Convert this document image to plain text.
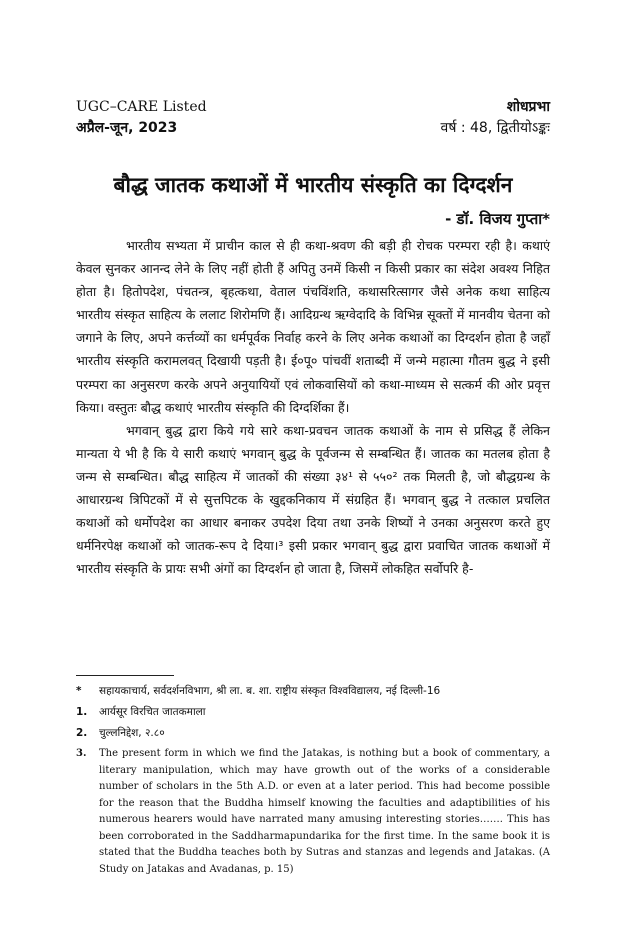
UGC–CARE Listed
अप्रैल-जून, 2023
शोधप्रभा
वर्ष : 48, द्वितीयोऽङ्कः
बौद्ध जातक कथाओं में भारतीय संस्कृति का दिग्दर्शन
- डॉ. विजय गुप्ता*

भारतीय सभ्यता में प्राचीन काल से ही कथा-श्रवण की बड़ी ही रोचक परम्परा रही है। कथाएं केवल सुनकर आनन्द लेने के लिए नहीं होती हैं अपितु उनमें किसी न किसी प्रकार का संदेश अवश्य निहित होता है। हितोपदेश, पंचतन्त्र, बृहत्कथा, वेताल पंचविंशति, कथासरित्सागर जैसे अनेक कथा साहित्य भारतीय संस्कृत साहित्य के ललाट शिरोमणि हैं। आदिग्रन्थ ऋग्वेदादि के विभिन्न सूक्तों में मानवीय चेतना को जगाने के लिए, अपने कर्त्तव्यों का धर्मपूर्वक निर्वाह करने के लिए अनेक कथाओं का दिग्दर्शन होता है जहाँ भारतीय संस्कृति करामलवत् दिखायी पड़ती है। ई०पू० पांचवीं शताब्दी में जन्मे महात्मा गौतम बुद्ध ने इसी परम्परा का अनुसरण करके अपने अनुयायियों एवं लोकवासियों को कथा-माध्यम से सत्कर्म की ओर प्रवृत्त किया। वस्तुतः बौद्ध कथाएं भारतीय संस्कृति की दिग्दर्शिका हैं।

भगवान् बुद्ध द्वारा किये गये सारे कथा-प्रवचन जातक कथाओं के नाम से प्रसिद्ध हैं लेकिन मान्यता ये भी है कि ये सारी कथाएं भगवान् बुद्ध के पूर्वजन्म से सम्बन्धित हैं। जातक का मतलब होता है जन्म से सम्बन्धित। बौद्ध साहित्य में जातकों की संख्या ३४¹ से ५५०² तक मिलती है, जो बौद्धग्रन्थ के आधारग्रन्थ त्रिपिटकों में से सुत्तपिटक के खुद्दकनिकाय में संग्रहित हैं। भगवान् बुद्ध ने तत्काल प्रचलित कथाओं को धर्मोपदेश का आधार बनाकर उपदेश दिया तथा उनके शिष्यों ने उनका अनुसरण करते हुए धर्मनिरपेक्ष कथाओं को जातक-रूप दे दिया।³ इसी प्रकार भगवान् बुद्ध द्वारा प्रवाचित जातक कथाओं में भारतीय संस्कृति के प्रायः सभी अंगों का दिग्दर्शन हो जाता है, जिसमें लोकहित सर्वोपरि है-

* सहायकाचार्य, सर्वदर्शनविभाग, श्री ला. ब. शा. राष्ट्रीय संस्कृत विश्वविद्यालय, नई दिल्ली-16
1. आर्यसूर विरचित जातकमाला
2. चुल्लनिद्देश, २.८०
3. The present form in which we find the Jatakas, is nothing but a book of commentary, a literary manipulation, which may have growth out of the works of a considerable number of scholars in the 5th A.D. or even at a later period. This had become possible for the reason that the Buddha himself knowing the faculties and adaptibilities of his numerous hearers would have narrated many amusing interesting stories……. This has been corroborated in the Saddharmapundarika for the first time. In the same book it is stated that the Buddha teaches both by Sutras and stanzas and legends and Jatakas. (A Study on Jatakas and Avadanas, p. 15)
